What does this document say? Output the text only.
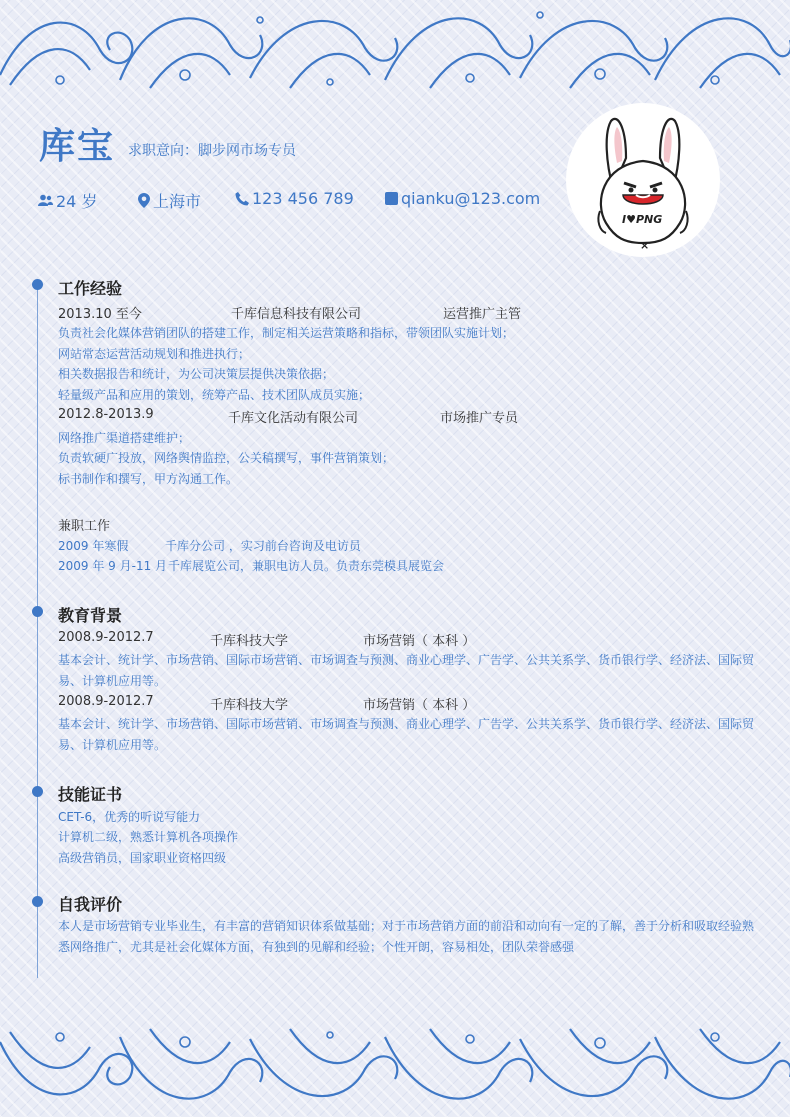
库宝 求职意向：脚步网市场专员
24 岁	上海市	123 456 789	qianku@123.com
I♥PNG
×
工作经验
2013.10 至今	千库信息科技有限公司	运营推广主管
负责社会化媒体营销团队的搭建工作，制定相关运营策略和指标，带领团队实施计划；
网站常态运营活动规划和推进执行；
相关数据报告和统计，为公司决策层提供决策依据；
轻量级产品和应用的策划，统筹产品、技术团队成员实施；
2012.8-2013.9	千库文化活动有限公司	市场推广专员
网络推广渠道搭建维护；
负责软硬广投放，网络舆情监控，公关稿撰写，事件营销策划；
标书制作和撰写，甲方沟通工作。
兼职工作
2009 年寒假	千库分公司 ，实习前台咨询及电访员
2009 年 9 月-11 月 千库展览公司，兼职电访人员。负责东莞模具展览会
教育背景
2008.9-2012.7	千库科技大学	市场营销（ 本科 ）
基本会计、统计学、市场营销、国际市场营销、市场调查与预测、商业心理学、广告学、公共关系学、货币银行学、经济法、国际贸易、计算机应用等。
2008.9-2012.7	千库科技大学	市场营销（ 本科 ）
基本会计、统计学、市场营销、国际市场营销、市场调查与预测、商业心理学、广告学、公共关系学、货币银行学、经济法、国际贸易、计算机应用等。
技能证书
CET-6，优秀的听说写能力
计算机二级，熟悉计算机各项操作
高级营销员，国家职业资格四级
自我评价
本人是市场营销专业毕业生，有丰富的营销知识体系做基础；对于市场营销方面的前沿和动向有一定的了解，善于分析和吸取经验熟悉网络推广，尤其是社会化媒体方面，有独到的见解和经验；个性开朗，容易相处，团队荣誉感强
